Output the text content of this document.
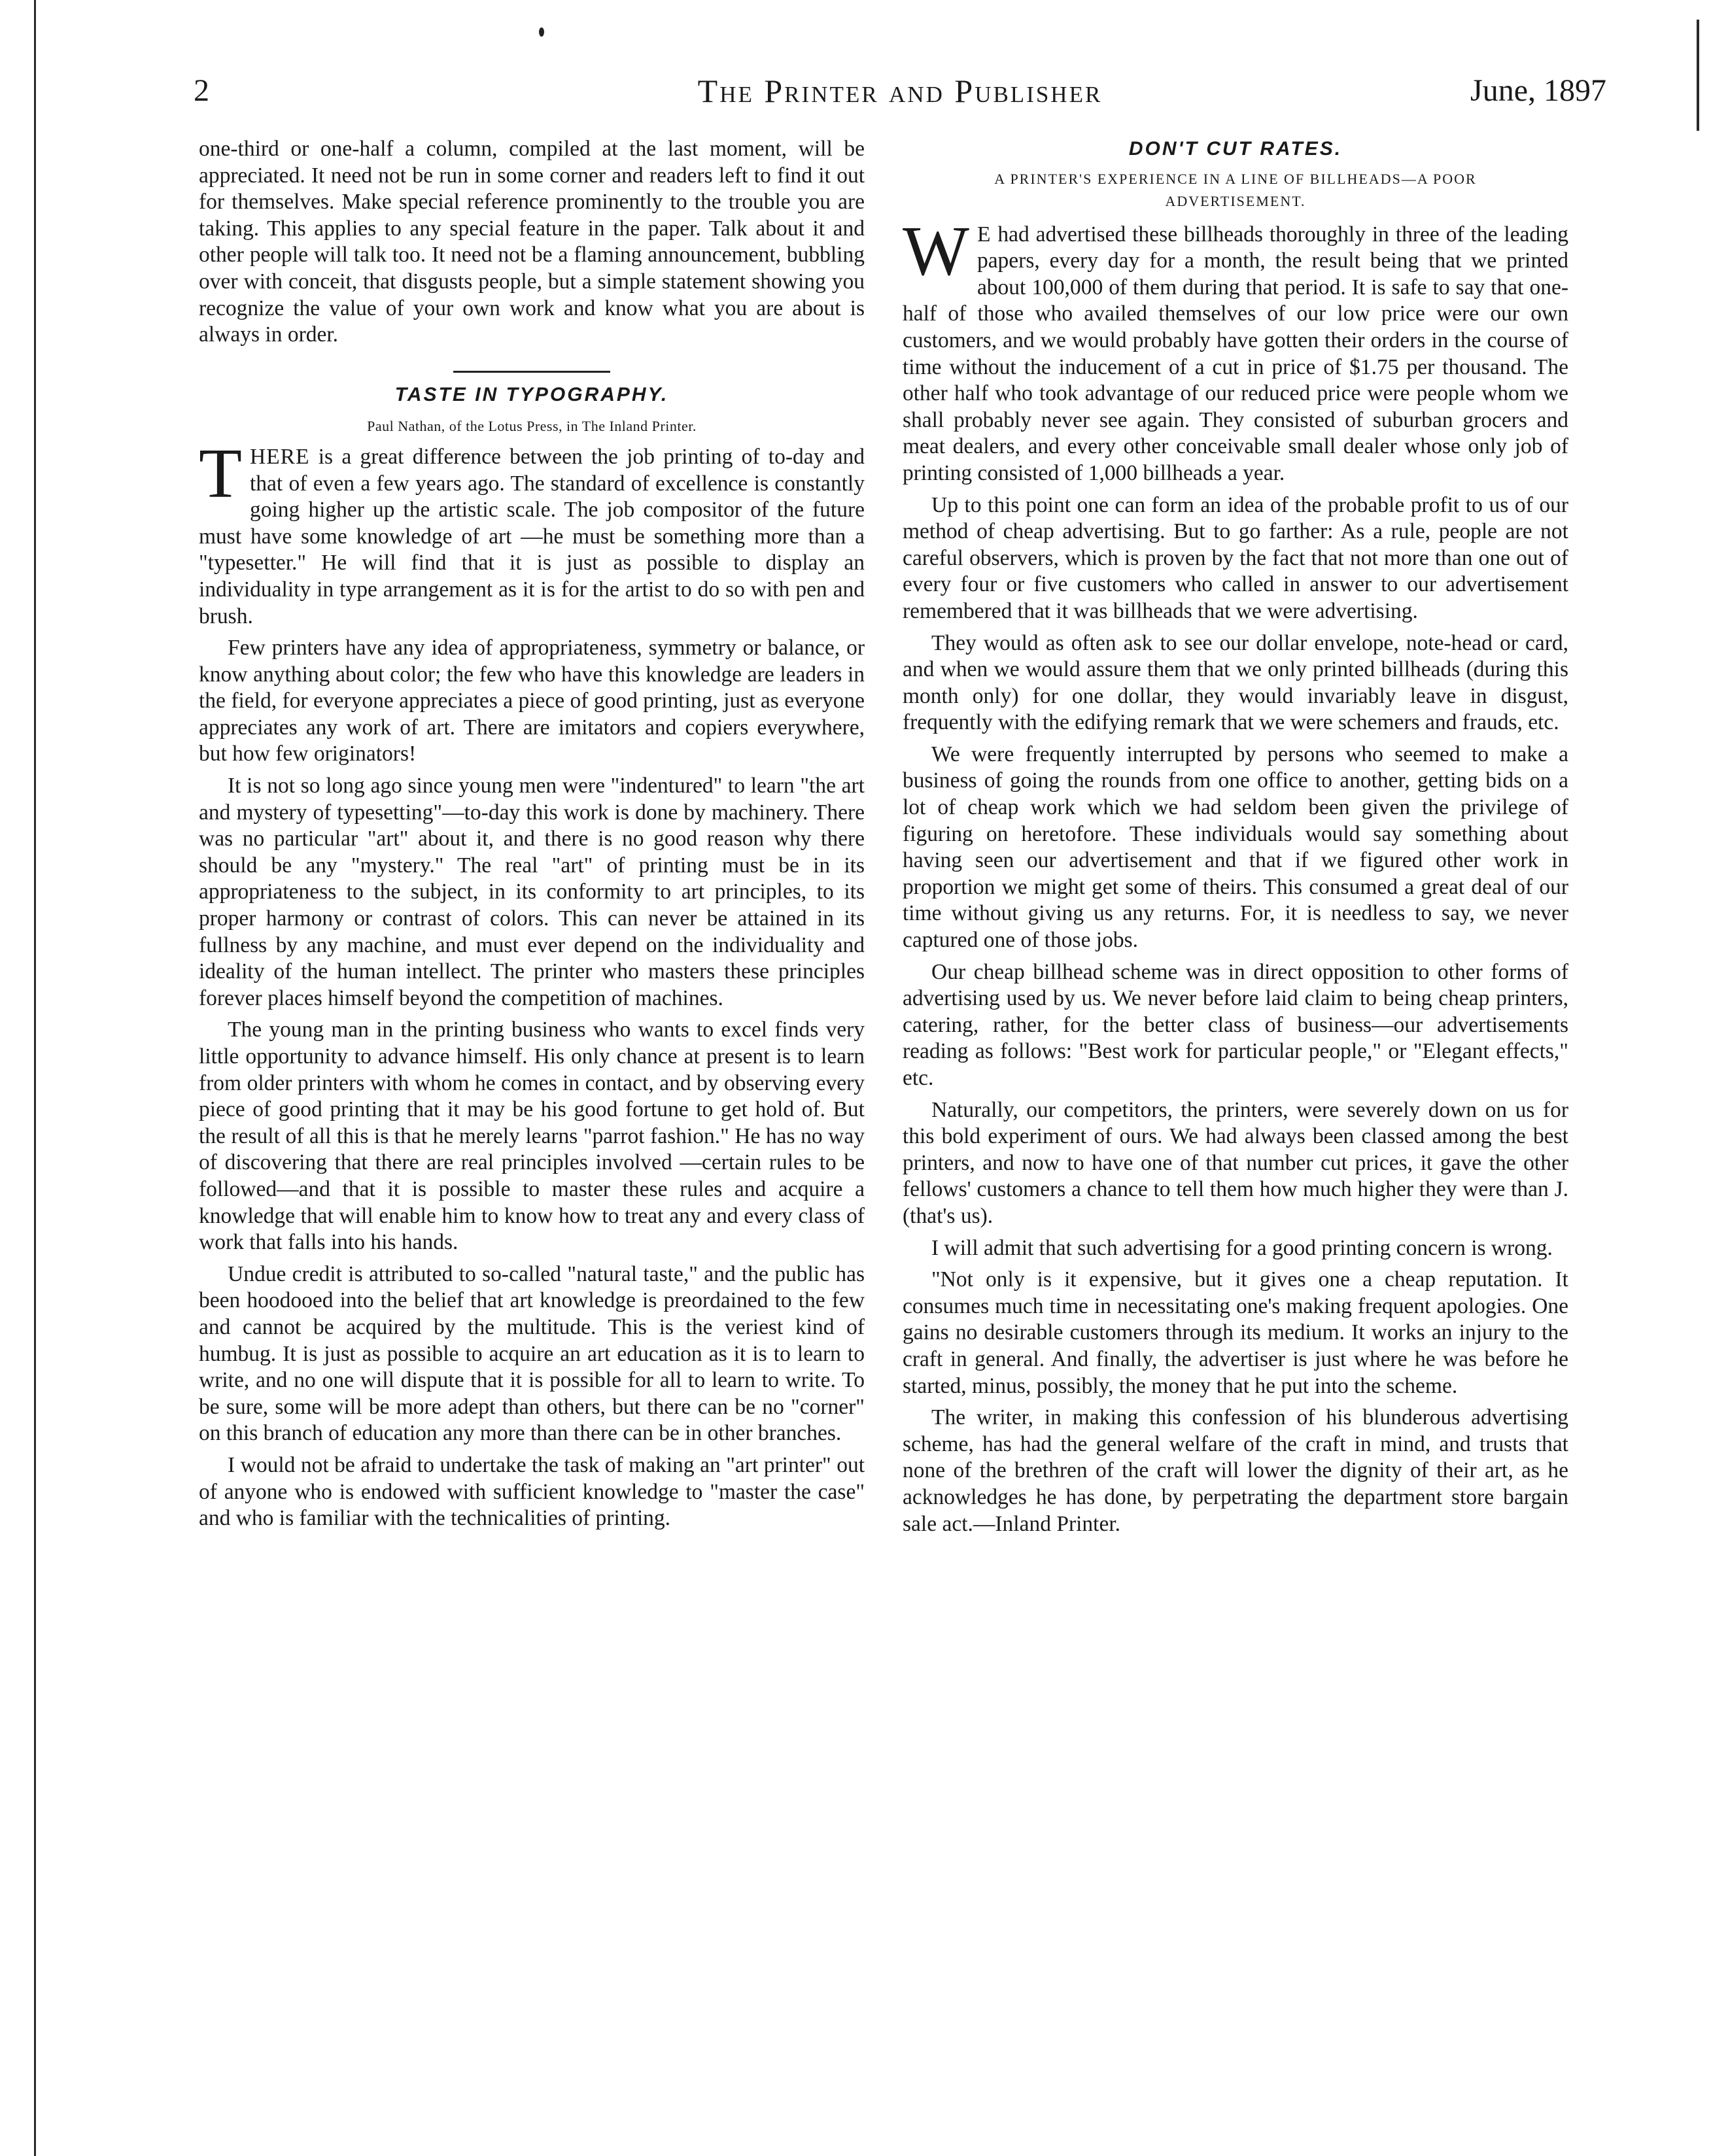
2	The Printer and Publisher	June, 1897

one-third or one-half a column, compiled at the last moment, will be appreciated. It need not be run in some corner and readers left to find it out for themselves. Make special reference prominently to the trouble you are taking. This applies to any special feature in the paper. Talk about it and other people will talk too. It need not be a flaming announcement, bubbling over with conceit, that disgusts people, but a simple statement showing you recognize the value of your own work and know what you are about is always in order.

TASTE IN TYPOGRAPHY.
Paul Nathan, of the Lotus Press, in The Inland Printer.

THERE is a great difference between the job printing of to-day and that of even a few years ago. The standard of excellence is constantly going higher up the artistic scale. The job compositor of the future must have some knowledge of art —he must be something more than a "typesetter." He will find that it is just as possible to display an individuality in type arrangement as it is for the artist to do so with pen and brush.

Few printers have any idea of appropriateness, symmetry or balance, or know anything about color; the few who have this knowledge are leaders in the field, for everyone appreciates a piece of good printing, just as everyone appreciates any work of art. There are imitators and copiers everywhere, but how few originators!

It is not so long ago since young men were "indentured" to learn "the art and mystery of typesetting"—to-day this work is done by machinery. There was no particular "art" about it, and there is no good reason why there should be any "mystery." The real "art" of printing must be in its appropriateness to the subject, in its conformity to art principles, to its proper harmony or contrast of colors. This can never be attained in its fullness by any machine, and must ever depend on the individuality and ideality of the human intellect. The printer who masters these principles forever places himself beyond the competition of machines.

The young man in the printing business who wants to excel finds very little opportunity to advance himself. His only chance at present is to learn from older printers with whom he comes in contact, and by observing every piece of good printing that it may be his good fortune to get hold of. But the result of all this is that he merely learns "parrot fashion." He has no way of discovering that there are real principles involved —certain rules to be followed—and that it is possible to master these rules and acquire a knowledge that will enable him to know how to treat any and every class of work that falls into his hands.

Undue credit is attributed to so-called "natural taste," and the public has been hoodooed into the belief that art knowledge is preordained to the few and cannot be acquired by the multitude. This is the veriest kind of humbug. It is just as possible to acquire an art education as it is to learn to write, and no one will dispute that it is possible for all to learn to write. To be sure, some will be more adept than others, but there can be no "corner" on this branch of education any more than there can be in other branches.

I would not be afraid to undertake the task of making an "art printer" out of anyone who is endowed with sufficient knowledge to "master the case" and who is familiar with the technicalities of printing.

DON'T CUT RATES.
A PRINTER'S EXPERIENCE IN A LINE OF BILLHEADS—A POOR ADVERTISEMENT.

W E had advertised these billheads thoroughly in three of the leading papers, every day for a month, the result being that we printed about 100,000 of them during that period. It is safe to say that one-half of those who availed themselves of our low price were our own customers, and we would probably have gotten their orders in the course of time without the inducement of a cut in price of $1.75 per thousand. The other half who took advantage of our reduced price were people whom we shall probably never see again. They consisted of suburban grocers and meat dealers, and every other conceivable small dealer whose only job of printing consisted of 1,000 billheads a year.

Up to this point one can form an idea of the probable profit to us of our method of cheap advertising. But to go farther: As a rule, people are not careful observers, which is proven by the fact that not more than one out of every four or five customers who called in answer to our advertisement remembered that it was billheads that we were advertising.

They would as often ask to see our dollar envelope, note-head or card, and when we would assure them that we only printed billheads (during this month only) for one dollar, they would invariably leave in disgust, frequently with the edifying remark that we were schemers and frauds, etc.

We were frequently interrupted by persons who seemed to make a business of going the rounds from one office to another, getting bids on a lot of cheap work which we had seldom been given the privilege of figuring on heretofore. These individuals would say something about having seen our advertisement and that if we figured other work in proportion we might get some of theirs. This consumed a great deal of our time without giving us any returns. For, it is needless to say, we never captured one of those jobs.

Our cheap billhead scheme was in direct opposition to other forms of advertising used by us. We never before laid claim to being cheap printers, catering, rather, for the better class of business—our advertisements reading as follows: "Best work for particular people," or "Elegant effects," etc.

Naturally, our competitors, the printers, were severely down on us for this bold experiment of ours. We had always been classed among the best printers, and now to have one of that number cut prices, it gave the other fellows' customers a chance to tell them how much higher they were than J. (that's us).

I will admit that such advertising for a good printing concern is wrong.

"Not only is it expensive, but it gives one a cheap reputation. It consumes much time in necessitating one's making frequent apologies. One gains no desirable customers through its medium. It works an injury to the craft in general. And finally, the advertiser is just where he was before he started, minus, possibly, the money that he put into the scheme.

The writer, in making this confession of his blunderous advertising scheme, has had the general welfare of the craft in mind, and trusts that none of the brethren of the craft will lower the dignity of their art, as he acknowledges he has done, by perpetrating the department store bargain sale act.—Inland Printer.
